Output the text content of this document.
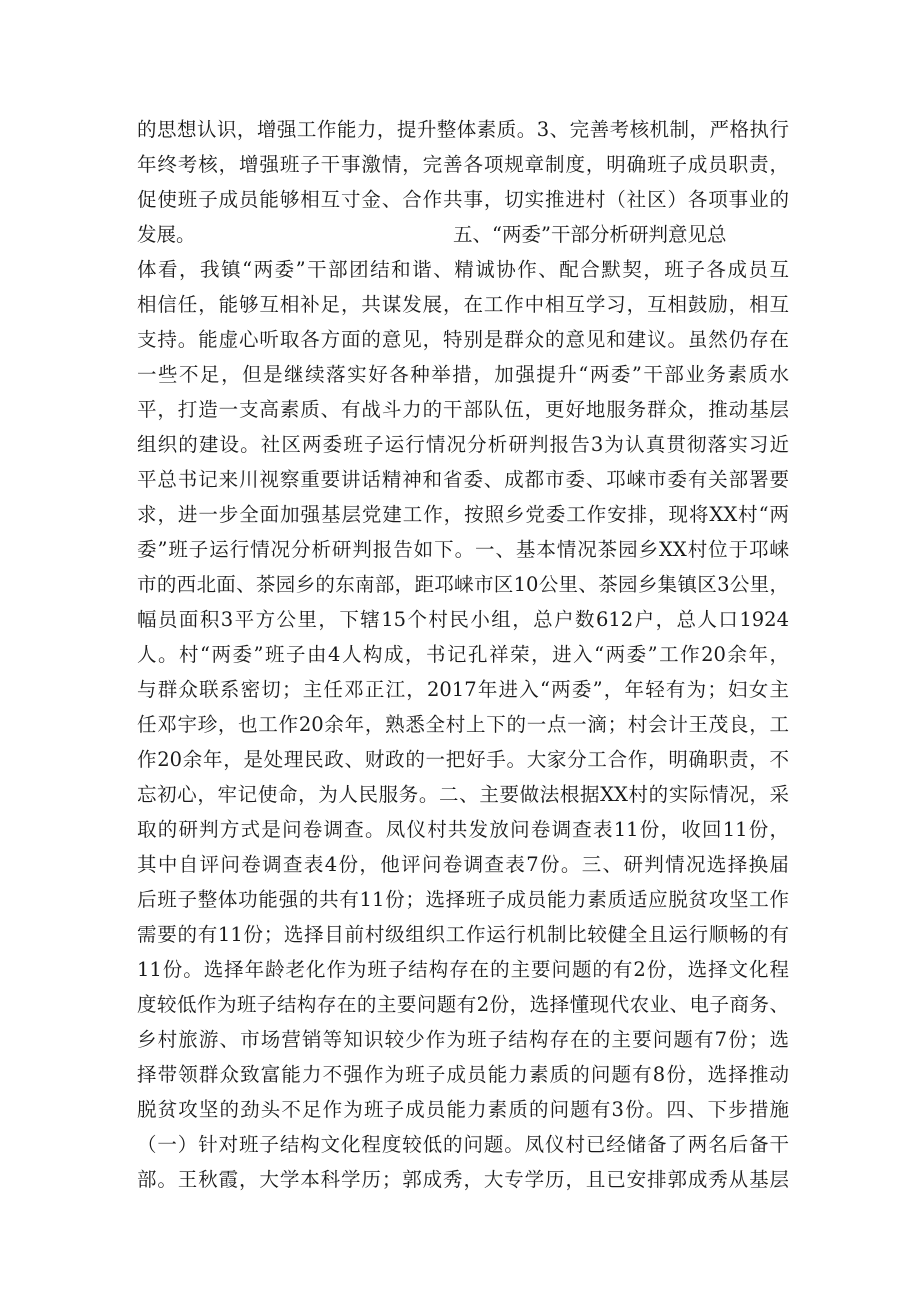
的思想认识，增强工作能力，提升整体素质。3、完善考核机制，严格执行
年终考核，增强班子干事激情，完善各项规章制度，明确班子成员职责，
促使班子成员能够相互寸金、合作共事，切实推进村（社区）各项事业的
发展。	五、“两委”干部分析研判意见总
体看，我镇“两委”干部团结和谐、精诚协作、配合默契，班子各成员互
相信任，能够互相补足，共谋发展，在工作中相互学习，互相鼓励，相互
支持。能虚心听取各方面的意见，特别是群众的意见和建议。虽然仍存在
一些不足，但是继续落实好各种举措，加强提升“两委”干部业务素质水
平，打造一支高素质、有战斗力的干部队伍，更好地服务群众，推动基层
组织的建设。社区两委班子运行情况分析研判报告3为认真贯彻落实习近
平总书记来川视察重要讲话精神和省委、成都市委、邛崃市委有关部署要
求，进一步全面加强基层党建工作，按照乡党委工作安排，现将XX村“两
委”班子运行情况分析研判报告如下。一、基本情况茶园乡XX村位于邛崃
市的西北面、茶园乡的东南部，距邛崃市区10公里、茶园乡集镇区3公里，
幅员面积3平方公里，下辖15个村民小组，总户数612户，总人口1924
人。村“两委”班子由4人构成，书记孔祥荣，进入“两委”工作20余年，
与群众联系密切；主任邓正江，2017年进入“两委”，年轻有为；妇女主
任邓宇珍，也工作20余年，熟悉全村上下的一点一滴；村会计王茂良，工
作20余年，是处理民政、财政的一把好手。大家分工合作，明确职责，不
忘初心，牢记使命，为人民服务。二、主要做法根据XX村的实际情况，采
取的研判方式是问卷调查。凤仪村共发放问卷调查表11份，收回11份，
其中自评问卷调查表4份，他评问卷调查表7份。三、研判情况选择换届
后班子整体功能强的共有11份；选择班子成员能力素质适应脱贫攻坚工作
需要的有11份；选择目前村级组织工作运行机制比较健全且运行顺畅的有
11份。选择年龄老化作为班子结构存在的主要问题的有2份，选择文化程
度较低作为班子结构存在的主要问题有2份，选择懂现代农业、电子商务、
乡村旅游、市场营销等知识较少作为班子结构存在的主要问题有7份；选
择带领群众致富能力不强作为班子成员能力素质的问题有8份，选择推动
脱贫攻坚的劲头不足作为班子成员能力素质的问题有3份。四、下步措施
（一）针对班子结构文化程度较低的问题。凤仪村已经储备了两名后备干
部。王秋霞，大学本科学历；郭成秀，大专学历，且已安排郭成秀从基层
